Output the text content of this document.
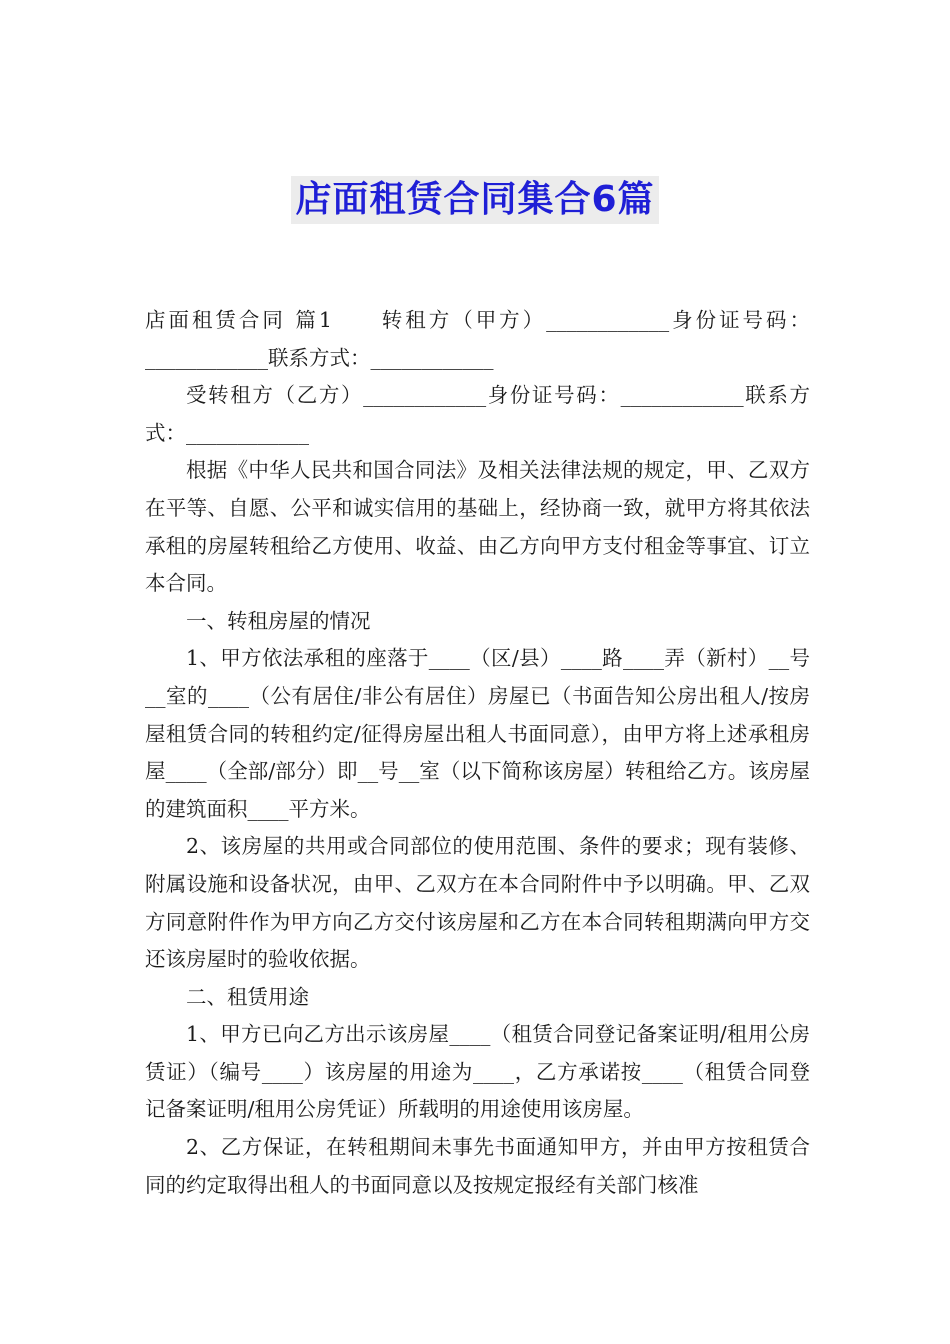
店面租赁合同集合6篇

店面租赁合同 篇1　　转租方（甲方）____________身份证号码：____________联系方式：____________

受转租方（乙方）____________身份证号码：____________联系方式：____________

根据《中华人民共和国合同法》及相关法律法规的规定，甲、乙双方在平等、自愿、公平和诚实信用的基础上，经协商一致，就甲方将其依法承租的房屋转租给乙方使用、收益、由乙方向甲方支付租金等事宜、订立本合同。

一、转租房屋的情况

1、甲方依法承租的座落于____（区/县）____路____弄（新村）__号__室的____（公有居住/非公有居住）房屋已（书面告知公房出租人/按房屋租赁合同的转租约定/征得房屋出租人书面同意），由甲方将上述承租房屋____（全部/部分）即__号__室（以下简称该房屋）转租给乙方。该房屋的建筑面积____平方米。

2、该房屋的共用或合同部位的使用范围、条件的要求；现有装修、附属设施和设备状况，由甲、乙双方在本合同附件中予以明确。甲、乙双方同意附件作为甲方向乙方交付该房屋和乙方在本合同转租期满向甲方交还该房屋时的验收依据。

二、租赁用途

1、甲方已向乙方出示该房屋____（租赁合同登记备案证明/租用公房赁证）（编号____）该房屋的用途为____，乙方承诺按____（租赁合同登记备案证明/租用公房凭证）所载明的用途使用该房屋。

2、乙方保证，在转租期间未事先书面通知甲方，并由甲方按租赁合同的约定取得出租人的书面同意以及按规定报经有关部门核准
